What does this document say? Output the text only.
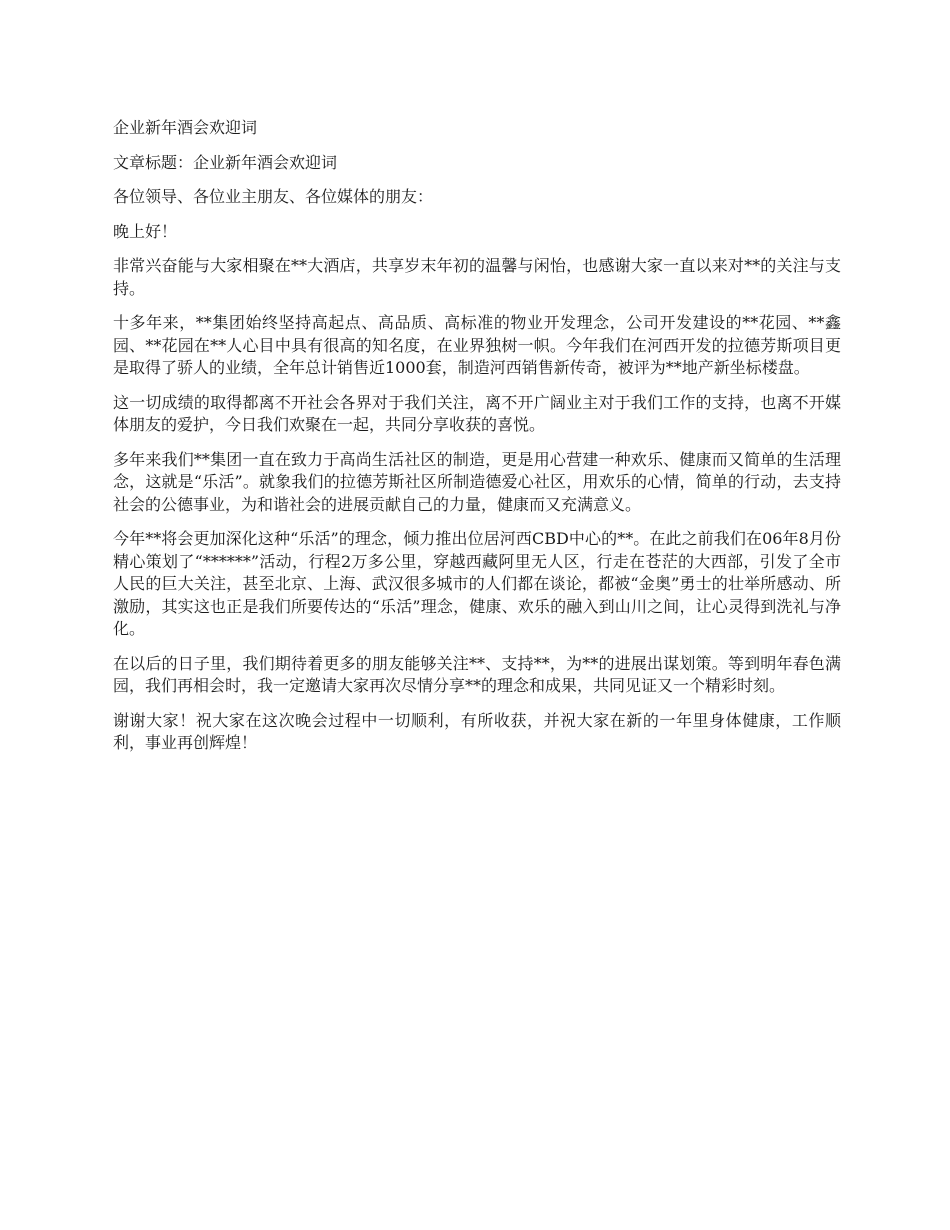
企业新年酒会欢迎词

文章标题：企业新年酒会欢迎词

各位领导、各位业主朋友、各位媒体的朋友：

晚上好！

非常兴奋能与大家相聚在**大酒店，共享岁末年初的温馨与闲怡，也感谢大家一直以来对**的关注与支持。

十多年来，**集团始终坚持高起点、高品质、高标准的物业开发理念，公司开发建设的**花园、**鑫园、**花园在**人心目中具有很高的知名度，在业界独树一帜。今年我们在河西开发的拉德芳斯项目更是取得了骄人的业绩，全年总计销售近1000套，制造河西销售新传奇，被评为**地产新坐标楼盘。

这一切成绩的取得都离不开社会各界对于我们关注，离不开广阔业主对于我们工作的支持，也离不开媒体朋友的爱护，今日我们欢聚在一起，共同分享收获的喜悦。

多年来我们**集团一直在致力于高尚生活社区的制造，更是用心营建一种欢乐、健康而又简单的生活理念，这就是“乐活”。就象我们的拉德芳斯社区所制造德爱心社区，用欢乐的心情，简单的行动，去支持社会的公德事业，为和谐社会的进展贡献自己的力量，健康而又充满意义。

今年**将会更加深化这种“乐活”的理念，倾力推出位居河西CBD中心的**。在此之前我们在06年8月份精心策划了“******”活动，行程2万多公里，穿越西藏阿里无人区，行走在苍茫的大西部，引发了全市人民的巨大关注，甚至北京、上海、武汉很多城市的人们都在谈论，都被“金奥”勇士的壮举所感动、所激励，其实这也正是我们所要传达的“乐活”理念，健康、欢乐的融入到山川之间，让心灵得到洗礼与净化。

在以后的日子里，我们期待着更多的朋友能够关注**、支持**，为**的进展出谋划策。等到明年春色满园，我们再相会时，我一定邀请大家再次尽情分享**的理念和成果，共同见证又一个精彩时刻。

谢谢大家！祝大家在这次晚会过程中一切顺利，有所收获，并祝大家在新的一年里身体健康，工作顺利，事业再创辉煌！
